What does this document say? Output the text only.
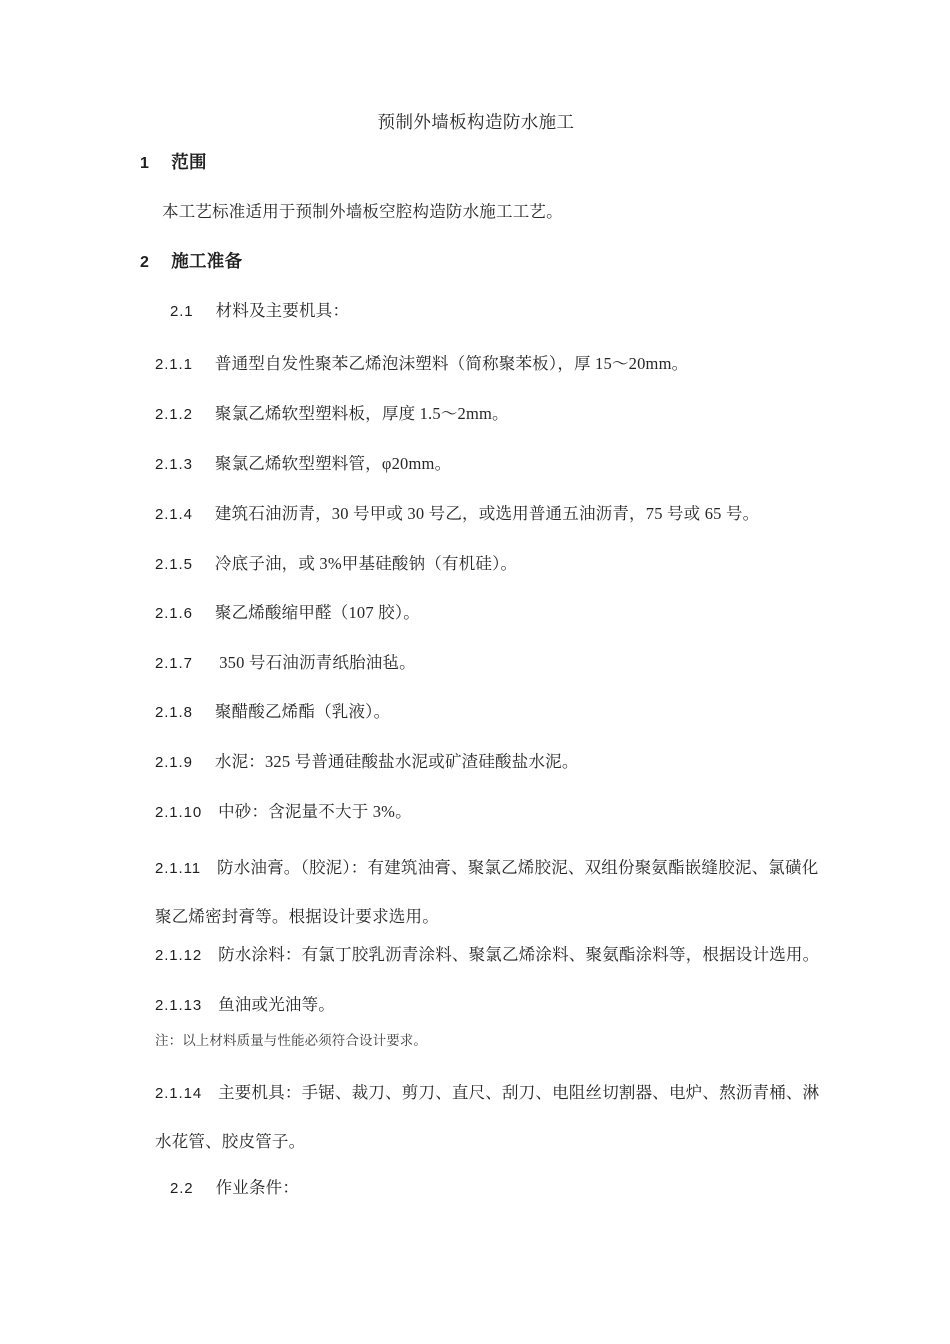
预制外墙板构造防水施工
1 范围
本工艺标准适用于预制外墙板空腔构造防水施工工艺。
2 施工准备
2.1 材料及主要机具：
2.1.1 普通型自发性聚苯乙烯泡沫塑料（简称聚苯板），厚 15～20mm。
2.1.2 聚氯乙烯软型塑料板，厚度 1.5～2mm。
2.1.3 聚氯乙烯软型塑料管，φ20mm。
2.1.4 建筑石油沥青，30 号甲或 30 号乙，或选用普通五油沥青，75 号或 65 号。
2.1.5 冷底子油，或 3%甲基硅酸钠（有机硅）。
2.1.6 聚乙烯酸缩甲醛（107 胶）。
2.1.7 350 号石油沥青纸胎油毡。
2.1.8 聚醋酸乙烯酯（乳液）。
2.1.9 水泥：325 号普通硅酸盐水泥或矿渣硅酸盐水泥。
2.1.10 中砂：含泥量不大于 3%。
2.1.11 防水油膏。（胶泥）：有建筑油膏、聚氯乙烯胶泥、双组份聚氨酯嵌缝胶泥、氯磺化聚乙烯密封膏等。根据设计要求选用。
2.1.12 防水涂料：有氯丁胶乳沥青涂料、聚氯乙烯涂料、聚氨酯涂料等，根据设计选用。
2.1.13 鱼油或光油等。
注：以上材料质量与性能必须符合设计要求。
2.1.14 主要机具：手锯、裁刀、剪刀、直尺、刮刀、电阻丝切割器、电炉、熬沥青桶、淋水花管、胶皮管子。
2.2 作业条件：
